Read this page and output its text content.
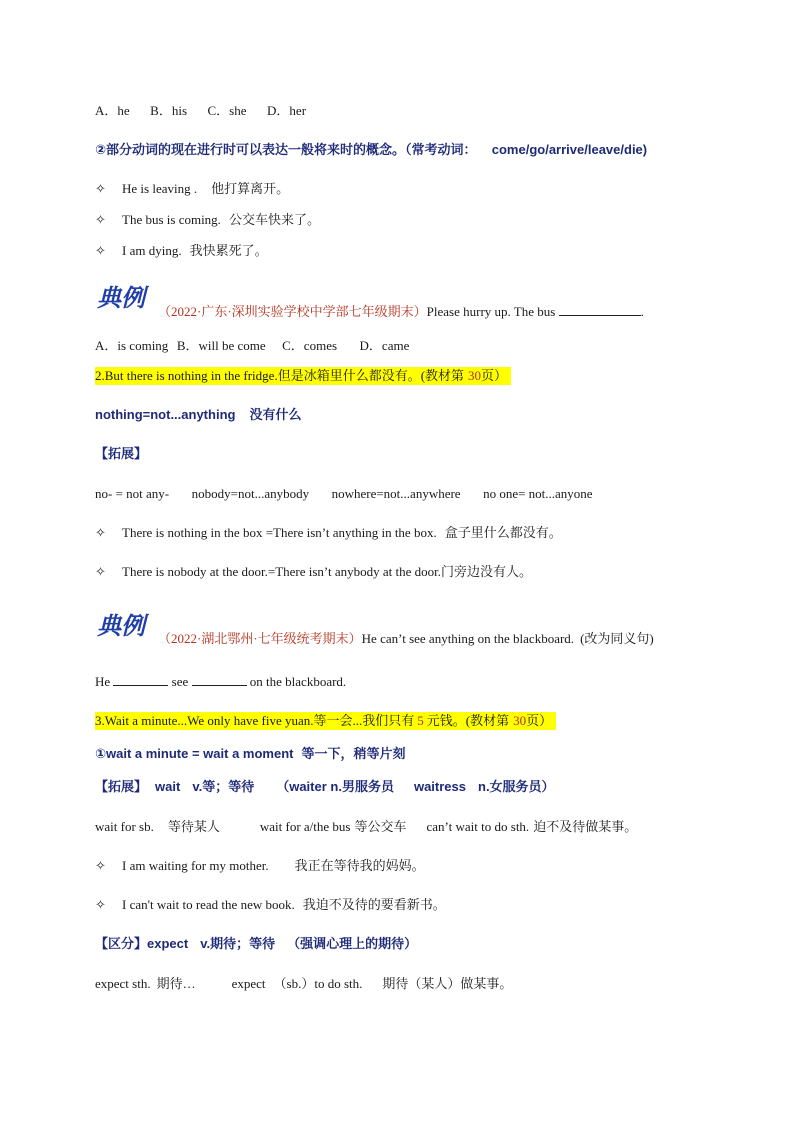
A．he B．his C．she D．her
②部分动词的现在进行时可以表达一般将来时的概念。（常考动词： come/go/arrive/leave/die)
✧ He is leaving . 他打算离开。
✧ The bus is coming. 公交车快来了。
✧ I am dying. 我快累死了。
典例	（2022·广东·深圳实验学校中学部七年级期末）Please hurry up. The bus	.
A．is coming B．will be come C．comes D．came
2.But there is nothing in the fridge.但是冰箱里什么都没有。(教材第 30页）
nothing=not...anything 没有什么
【拓展】
no- = not any- nobody=not...anybody nowhere=not...anywhere no one= not...anyone
✧ There is nothing in the box =There isn’t anything in the box. 盒子里什么都没有。
✧ There is nobody at the door.=There isn’t anybody at the door.门旁边没有人。
典例	（2022·湖北鄂州·七年级统考期末）He can’t see anything on the blackboard. (改为同义句)
He	see	on the blackboard.
3.Wait a minute...We only have five yuan.等一会...我们只有 5 元钱。(教材第 30页）
①wait a minute = wait a moment 等一下，稍等片刻
【拓展】 wait v.等；等待 （waiter n.男服务员 waitress n.女服务员）
wait for sb. 等待某人	wait for a/the bus 等公交车 can’t wait to do sth. 迫不及待做某事。
✧ I am waiting for my mother. 我正在等待我的妈妈。
✧ I can't wait to read the new book. 我迫不及待的要看新书。
【区分】expect v.期待；等待 （强调心理上的期待）
expect sth. 期待…	expect （sb.）to do sth. 期待（某人）做某事。
